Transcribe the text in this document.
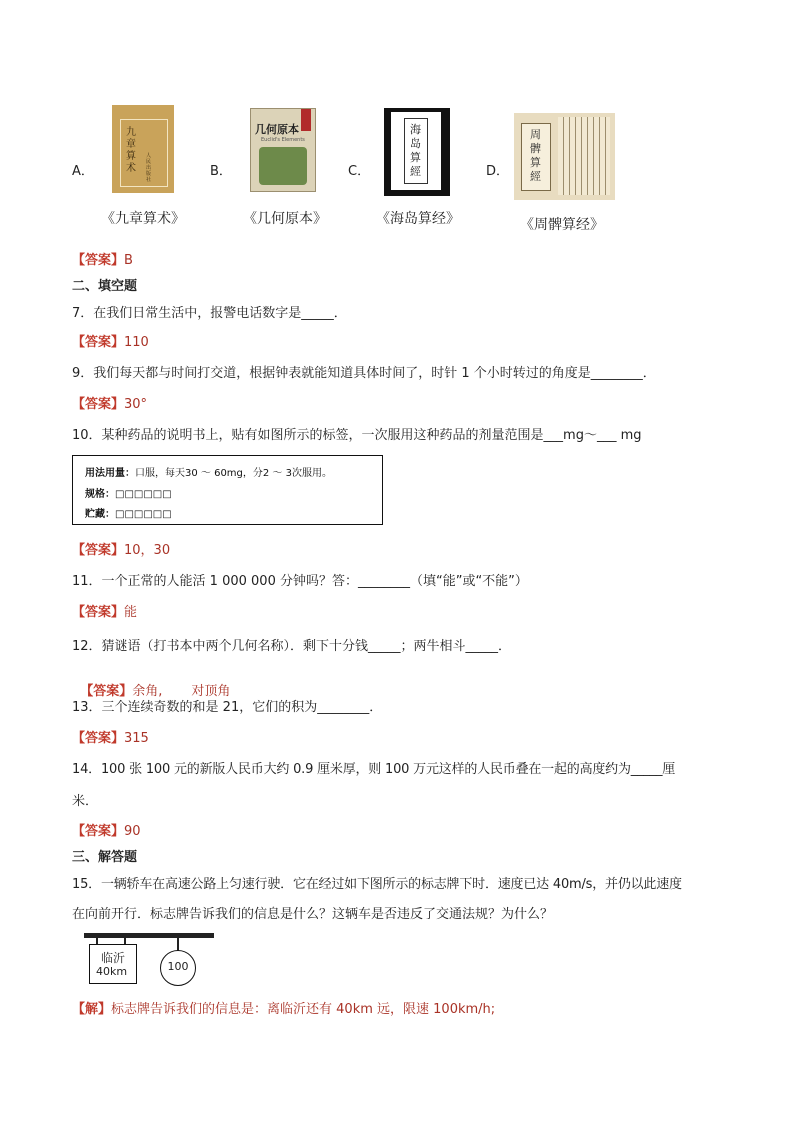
A．
九章算术
人民出版社
《九章算术》
B．
几何原本
Euclid's Elements
《几何原本》
C．
海岛算經
《海岛算经》
D．
周髀算經
《周髀算经》
【答案】B
二、填空题
7．在我们日常生活中，报警电话数字是_____．
【答案】110
9．我们每天都与时间打交道，根据钟表就能知道具体时间了，时针 1 个小时转过的角度是________．
【答案】30°
10．某种药品的说明书上，贴有如图所示的标签，一次服用这种药品的剂量范围是___mg～___ mg
用法用量：口服，每天30 ～ 60mg，分2 ～ 3次服用。
规格：□□□□□□
贮藏：□□□□□□
【答案】10，30
11．一个正常的人能活 1 000 000 分钟吗？答：________（填“能”或“不能”）
【答案】能
12．猜谜语（打书本中两个几何名称）．剩下十分钱_____；两牛相斗_____．

【答案】余角,       对顶角

13．三个连续奇数的和是 21，它们的积为________．
【答案】315
14．100 张 100 元的新版人民币大约 0.9 厘米厚，则 100 万元这样的人民币叠在一起的高度约为_____厘
米．
【答案】90
三、解答题
15．一辆轿车在高速公路上匀速行驶．它在经过如下图所示的标志牌下时．速度已达 40m/s，并仍以此速度
在向前开行．标志牌告诉我们的信息是什么？这辆车是否违反了交通法规？为什么？
临沂
40km	100
【解】标志牌告诉我们的信息是：离临沂还有 40km 远，限速 100km/h;
